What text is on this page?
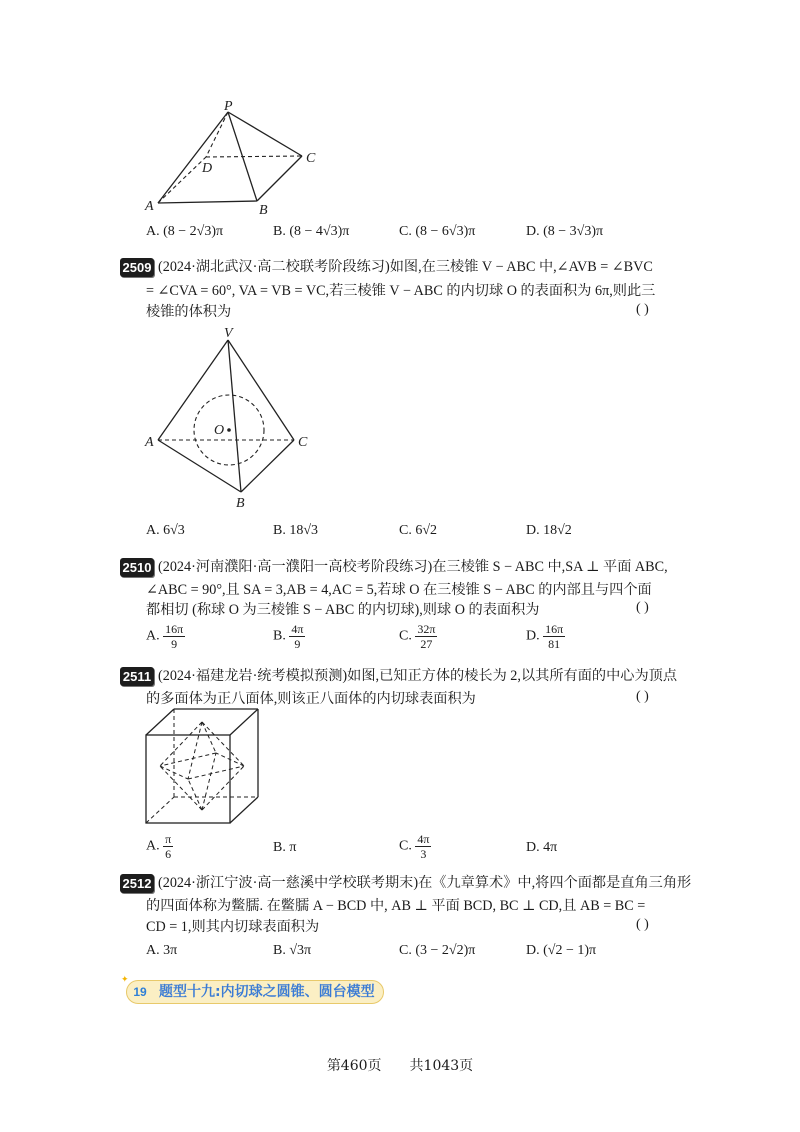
P
D
C
A	B
A. (8 − 2√3)π	B. (8 − 4√3)π	C. (8 − 6√3)π	D. (8 − 3√3)π
2509 (2024·湖北武汉·高二校联考阶段练习)如图,在三棱锥 V − ABC 中,∠AVB = ∠BVC
= ∠CVA = 60°, VA = VB = VC,若三棱锥 V − ABC 的内切球 O 的表面积为 6π,则此三
棱锥的体积为	( )
V
A	C
B
O
A. 6√3	B. 18√3	C. 6√2	D. 18√2
2510 (2024·河南濮阳·高一濮阳一高校考阶段练习)在三棱锥 S − ABC 中,SA ⊥ 平面 ABC,
∠ABC = 90°,且 SA = 3,AB = 4,AC = 5,若球 O 在三棱锥 S − ABC 的内部且与四个面
都相切 (称球 O 为三棱锥 S − ABC 的内切球),则球 O 的表面积为	( )
A. $\frac{16\pi}{9}$	B. $\frac{4\pi}{9}$	C. $\frac{32\pi}{27}$	D. $\frac{16\pi}{81}$
2511 (2024·福建龙岩·统考模拟预测)如图,已知正方体的棱长为 2,以其所有面的中心为顶点
的多面体为正八面体,则该正八面体的内切球表面积为	( )
A. $\frac{\pi}{6}$	B. π	C. $\frac{4\pi}{3}$	D. 4π
2512 (2024·浙江宁波·高一慈溪中学校联考期末)在《九章算术》中,将四个面都是直角三角形
的四面体称为鳖臑. 在鳖臑 A − BCD 中, AB ⊥ 平面 BCD, BC ⊥ CD,且 AB = BC =
CD = 1,则其内切球表面积为	( )
A. 3π	B. √3π	C. (3 − 2√2)π	D. (√2 − 1)π
✦
19 题型十九:内切球之圆锥、圆台模型
第460页　　共1043页
